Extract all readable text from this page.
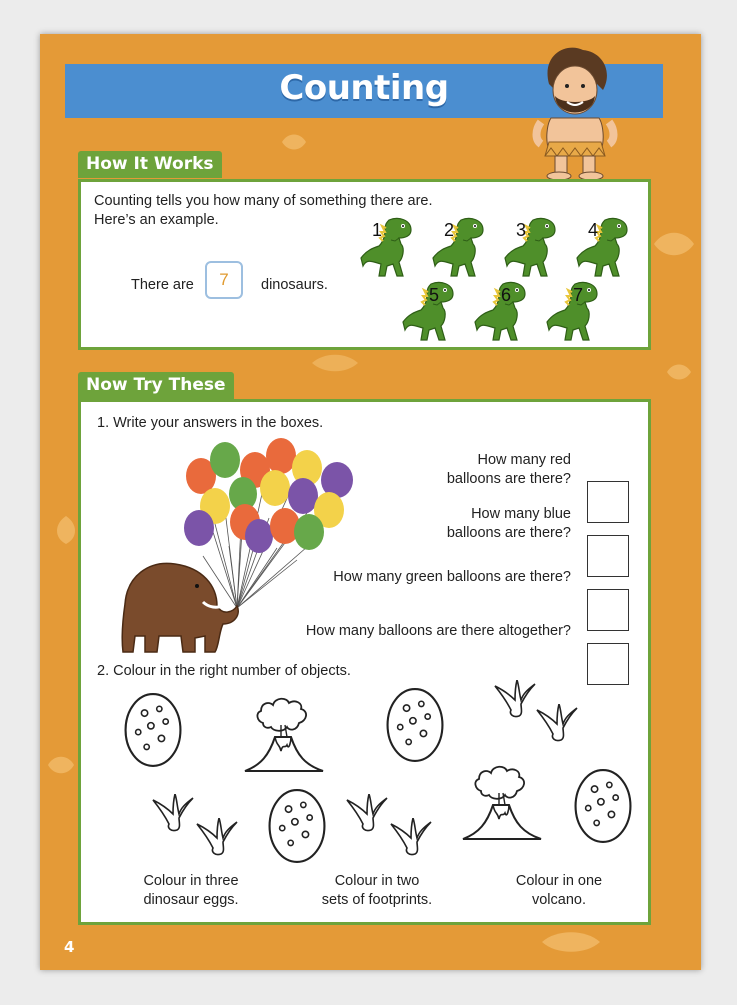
Counting
How It Works
Counting tells you how many of something there are.
Here’s an example.
There are	7	dinosaurs.
1	2	3	4
5	6	7
Now Try These
1. Write your answers in the boxes.
How many red
balloons are there?
How many blue
balloons are there?
How many green balloons are there?
How many balloons are there altogether?
2. Colour in the right number of objects.
Colour in three
dinosaur eggs.
Colour in two
sets of footprints.
Colour in one
volcano.
4
